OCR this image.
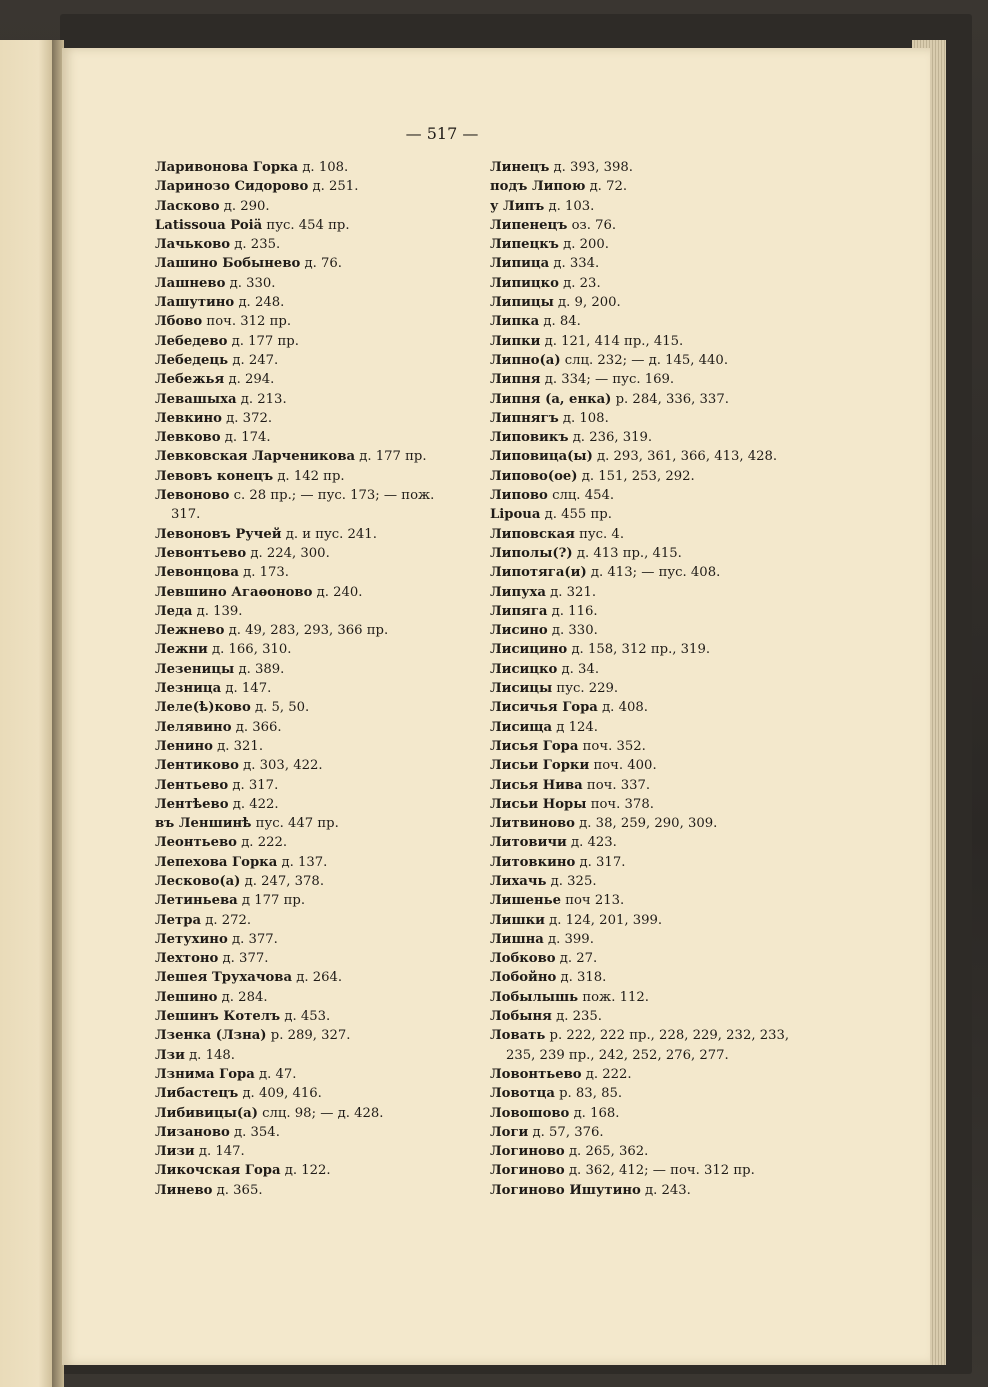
— 517 —
Ларивонова Горка д. 108.
Ларинозо Сидорово д. 251.
Ласково д. 290.
Latissoua Poiä пус. 454 пр.
Лачьково д. 235.
Лашино Бобынево д. 76.
Лашнево д. 330.
Лашутино д. 248.
Лбово поч. 312 пр.
Лебедево д. 177 пр.
Лебедець д. 247.
Лебежья д. 294.
Левашыха д. 213.
Левкино д. 372.
Левково д. 174.
Левковская Ларченикова д. 177 пр.
Левовъ конецъ д. 142 пр.
Левоново с. 28 пр.; — пус. 173; — пож.
317.
Левоновъ Ручей д. и пус. 241.
Левонтьево д. 224, 300.
Левонцова д. 173.
Левшино Агаѳоново д. 240.
Леда д. 139.
Лежнево д. 49, 283, 293, 366 пр.
Лежни д. 166, 310.
Лезеницы д. 389.
Лезница д. 147.
Леле(ѣ)ково д. 5, 50.
Лелявино д. 366.
Ленино д. 321.
Лентиково д. 303, 422.
Лентьево д. 317.
Лентѣево д. 422.
въ Леншинѣ пус. 447 пр.
Леонтьево д. 222.
Лепехова Горка д. 137.
Лесково(а) д. 247, 378.
Летиньева д 177 пр.
Летра д. 272.
Летухино д. 377.
Лехтоно д. 377.
Лешея Трухачова д. 264.
Лешино д. 284.
Лешинъ Котелъ д. 453.
Лзенка (Лзна) р. 289, 327.
Лзи д. 148.
Лзнима Гора д. 47.
Либастецъ д. 409, 416.
Либивицы(а) слц. 98; — д. 428.
Лизаново д. 354.
Лизи д. 147.
Ликочская Гора д. 122.
Линево д. 365.
Линецъ д. 393, 398.
подъ Липою д. 72.
у Липъ д. 103.
Липенецъ оз. 76.
Липецкъ д. 200.
Липица д. 334.
Липицко д. 23.
Липицы д. 9, 200.
Липка д. 84.
Липки д. 121, 414 пр., 415.
Липно(а) слц. 232; — д. 145, 440.
Липня д. 334; — пус. 169.
Липня (а, енка) р. 284, 336, 337.
Липнягъ д. 108.
Липовикъ д. 236, 319.
Липовица(ы) д. 293, 361, 366, 413, 428.
Липово(ое) д. 151, 253, 292.
Липово слц. 454.
Lipoua д. 455 пр.
Липовская пус. 4.
Липолы(?) д. 413 пр., 415.
Липотяга(и) д. 413; — пус. 408.
Липуха д. 321.
Липяга д. 116.
Лисино д. 330.
Лисицино д. 158, 312 пр., 319.
Лисицко д. 34.
Лисицы пус. 229.
Лисичья Гора д. 408.
Лисища д 124.
Лисья Гора поч. 352.
Лисьи Горки поч. 400.
Лисья Нива поч. 337.
Лисьи Норы поч. 378.
Литвиново д. 38, 259, 290, 309.
Литовичи д. 423.
Литовкино д. 317.
Лихачь д. 325.
Лишенье поч 213.
Лишки д. 124, 201, 399.
Лишна д. 399.
Лобково д. 27.
Лобойно д. 318.
Лобылышь пож. 112.
Лобыня д. 235.
Ловать р. 222, 222 пр., 228, 229, 232, 233,
235, 239 пр., 242, 252, 276, 277.
Ловонтьево д. 222.
Ловотца р. 83, 85.
Ловошово д. 168.
Логи д. 57, 376.
Логиново д. 265, 362.
Логиново д. 362, 412; — поч. 312 пр.
Логиново Ишутино д. 243.
